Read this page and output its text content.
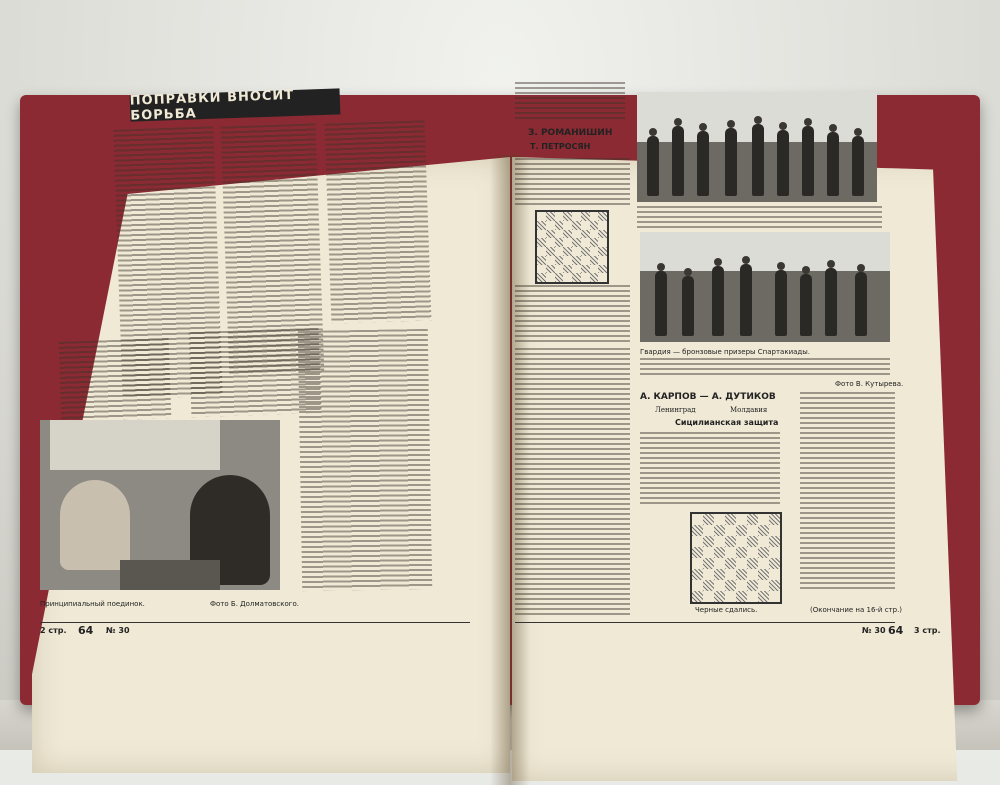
ПОПРАВКИ ВНОСИТ БОРЬБА
Принципиальный поединок.	Фото Б. Долматовского.
2 стр. 64 № 30
З. РОМАНИШИН
Т. ПЕТРОСЯН
Гвардия — бронзовые призеры Спартакиады.
Фото В. Кутырева.
А. КАРПОВ — А. ДУТИКОВ
Ленинград	Молдавия
Сицилианская защита
Черные сдались.	(Окончание на 16-й стр.)
№ 30 64 3 стр.
